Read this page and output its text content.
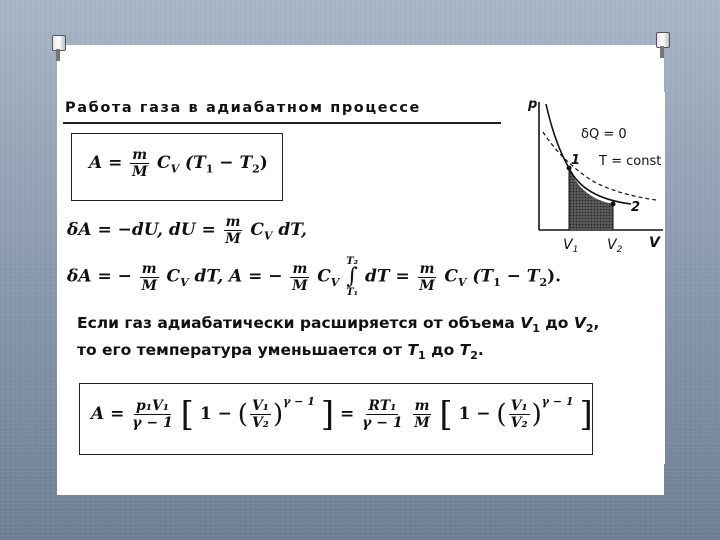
Работа газа в адиабатном процессе
$A = \frac{m}{M} C_V$ $(T_1 - T_2)$
δA = −dU, dU = $\frac{m}{M} C_V$ dT,
δA = − $\frac{m}{M} C_V$ dT, A = − $\frac{m}{M} C_V$
T₂
∫
T₁
dT = $\frac{m}{M} C_V$ $(T_1 - T_2)$.
Если газ адиабатически расширяется от объема $V_1$ до $V_2$,
то его температура уменьшается от $T_1$ до $T_2$.
$A = \frac{\text{p₁V₁}}{\gamma - 1}$ [ 1 − ( $\frac{\text{V₁}}{\text{V₂}} )^{\gamma - 1}$ ] = $\frac{\text{RT₁}}{\gamma - 1}$
$\frac{m}{M}$ [ 1 − ( $\frac{\text{V₁}}{\text{V₂}} )^{\gamma - 1}$ ]
p
V
δQ = 0
T = const
1
2
$V_1$ $V_2$
